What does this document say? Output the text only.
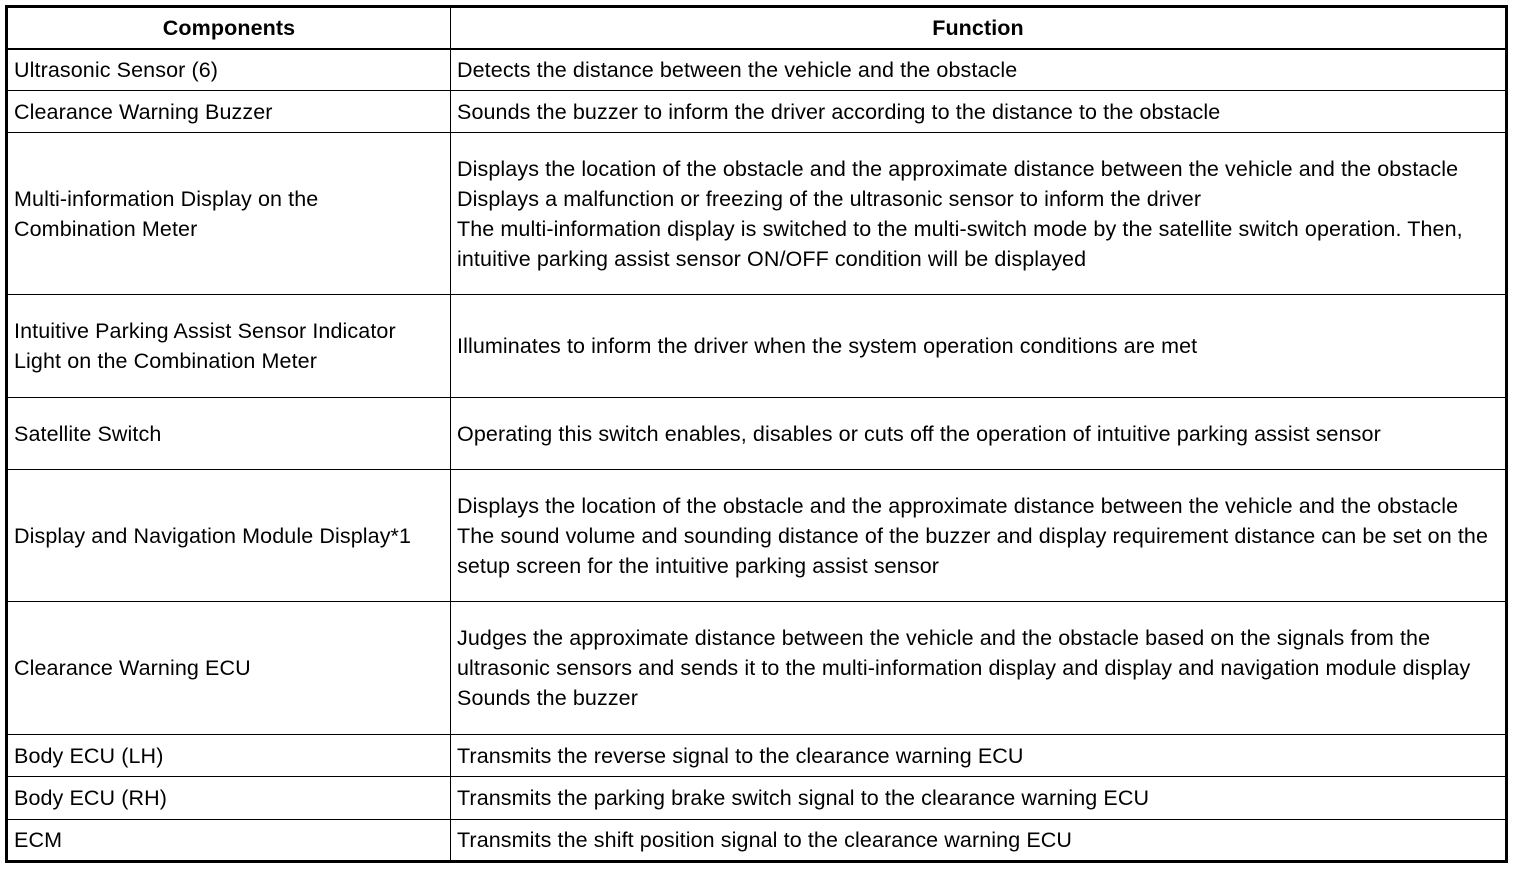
Components	Function
Ultrasonic Sensor (6)	Detects the distance between the vehicle and the obstacle

Clearance Warning Buzzer	Sounds the buzzer to inform the driver according to the distance to the obstacle

Multi-information Display on the Combination Meter	Displays the location of the obstacle and the approximate distance between the vehicle and the obstacle
Displays a malfunction or freezing of the ultrasonic sensor to inform the driver
The multi-information display is switched to the multi-switch mode by the satellite switch operation. Then, intuitive parking assist sensor ON/OFF condition will be displayed

Intuitive Parking Assist Sensor Indicator Light on the Combination Meter	Illuminates to inform the driver when the system operation conditions are met

Satellite Switch	Operating this switch enables, disables or cuts off the operation of intuitive parking assist sensor

Display and Navigation Module Display*1	Displays the location of the obstacle and the approximate distance between the vehicle and the obstacle
The sound volume and sounding distance of the buzzer and display requirement distance can be set on the setup screen for the intuitive parking assist sensor

Clearance Warning ECU	Judges the approximate distance between the vehicle and the obstacle based on the signals from the ultrasonic sensors and sends it to the multi-information display and display and navigation module display
Sounds the buzzer

Body ECU (LH)	Transmits the reverse signal to the clearance warning ECU

Body ECU (RH)	Transmits the parking brake switch signal to the clearance warning ECU

ECM	Transmits the shift position signal to the clearance warning ECU
